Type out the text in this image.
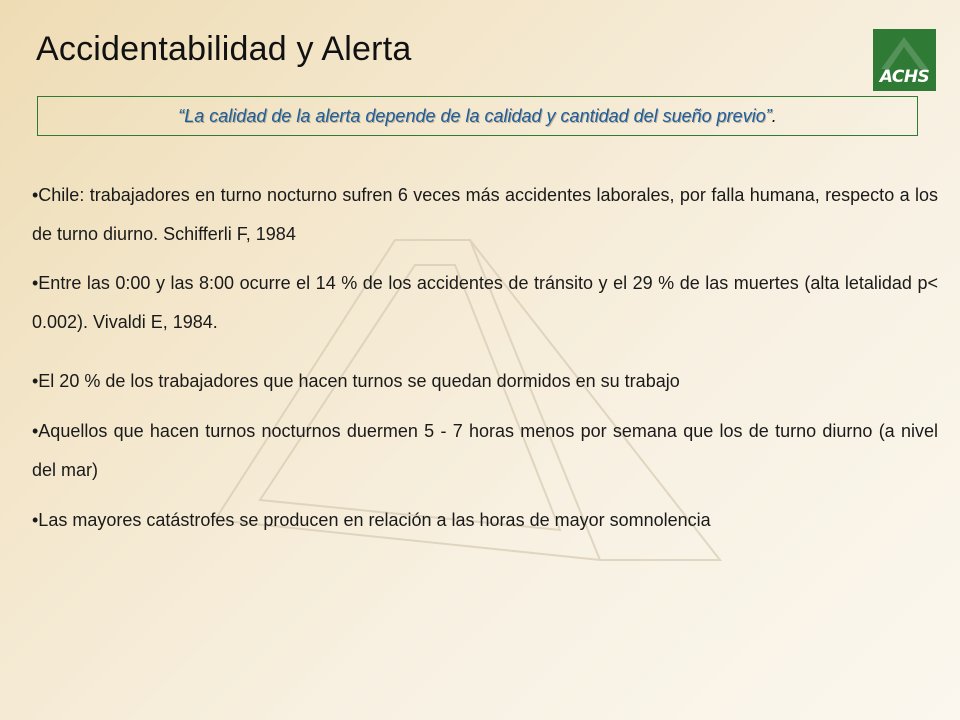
Accidentabilidad y Alerta
ACHS
“La calidad de la alerta depende de la calidad y cantidad del sueño previo” .
•Chile: trabajadores en turno nocturno sufren 6 veces más accidentes laborales, por falla humana, respecto a los de turno diurno. Schifferli F, 1984
•Entre las 0:00 y las 8:00 ocurre el 14 % de los accidentes de tránsito y el 29 % de las muertes (alta letalidad p< 0.002). Vivaldi E, 1984.
•El 20 % de los trabajadores que hacen turnos se quedan dormidos en su trabajo
•Aquellos que hacen turnos nocturnos duermen 5 - 7 horas menos por semana que los de turno diurno (a nivel del mar)
•Las mayores catástrofes se producen en relación a las horas de mayor somnolencia
